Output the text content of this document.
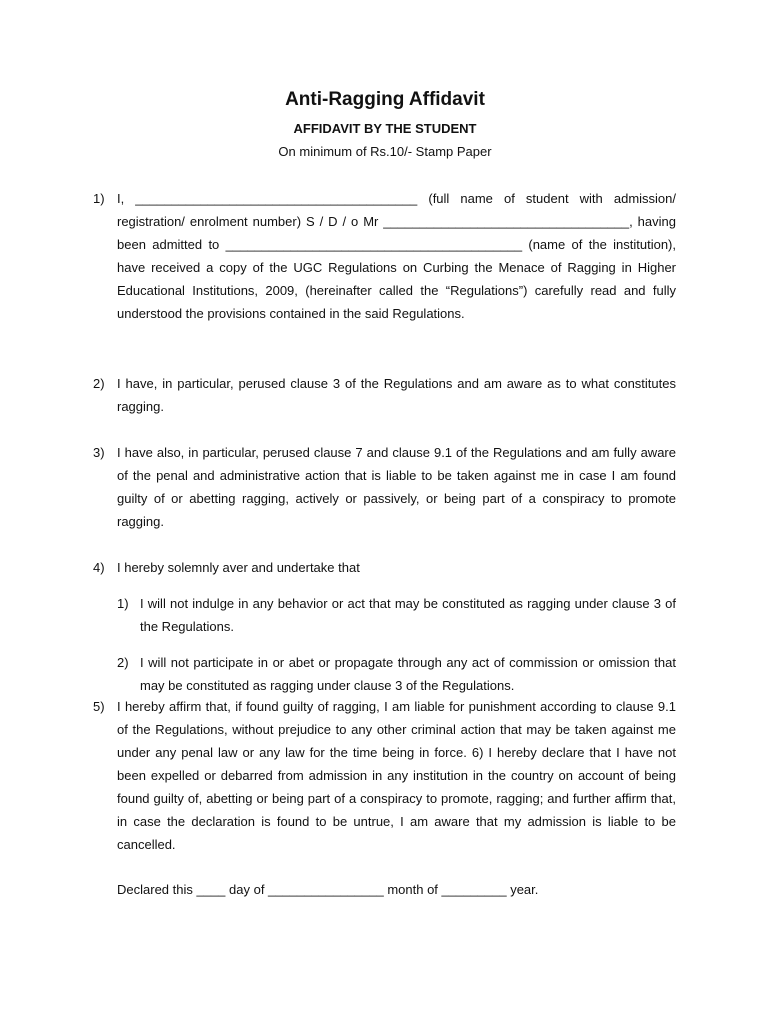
Anti-Ragging Affidavit
AFFIDAVIT BY THE STUDENT
On minimum of Rs.10/- Stamp Paper

1) I, _______________________________________ (full name of student with admission/ registration/ enrolment number) S / D / o Mr __________________________________, having been admitted to _________________________________________ (name of the institution), have received a copy of the UGC Regulations on Curbing the Menace of Ragging in Higher Educational Institutions, 2009, (hereinafter called the “Regulations”) carefully read and fully understood the provisions contained in the said Regulations.

2) I have, in particular, perused clause 3 of the Regulations and am aware as to what constitutes ragging.

3) I have also, in particular, perused clause 7 and clause 9.1 of the Regulations and am fully aware of the penal and administrative action that is liable to be taken against me in case I am found guilty of or abetting ragging, actively or passively, or being part of a conspiracy to promote ragging.

4) I hereby solemnly aver and undertake that

1) I will not indulge in any behavior or act that may be constituted as ragging under clause 3 of the Regulations.

2) I will not participate in or abet or propagate through any act of commission or omission that may be constituted as ragging under clause 3 of the Regulations.

5) I hereby affirm that, if found guilty of ragging, I am liable for punishment according to clause 9.1 of the Regulations, without prejudice to any other criminal action that may be taken against me under any penal law or any law for the time being in force. 6) I hereby declare that I have not been expelled or debarred from admission in any institution in the country on account of being found guilty of, abetting or being part of a conspiracy to promote, ragging; and further affirm that, in case the declaration is found to be untrue, I am aware that my admission is liable to be cancelled.

Declared this ____ day of ________________ month of _________ year.
